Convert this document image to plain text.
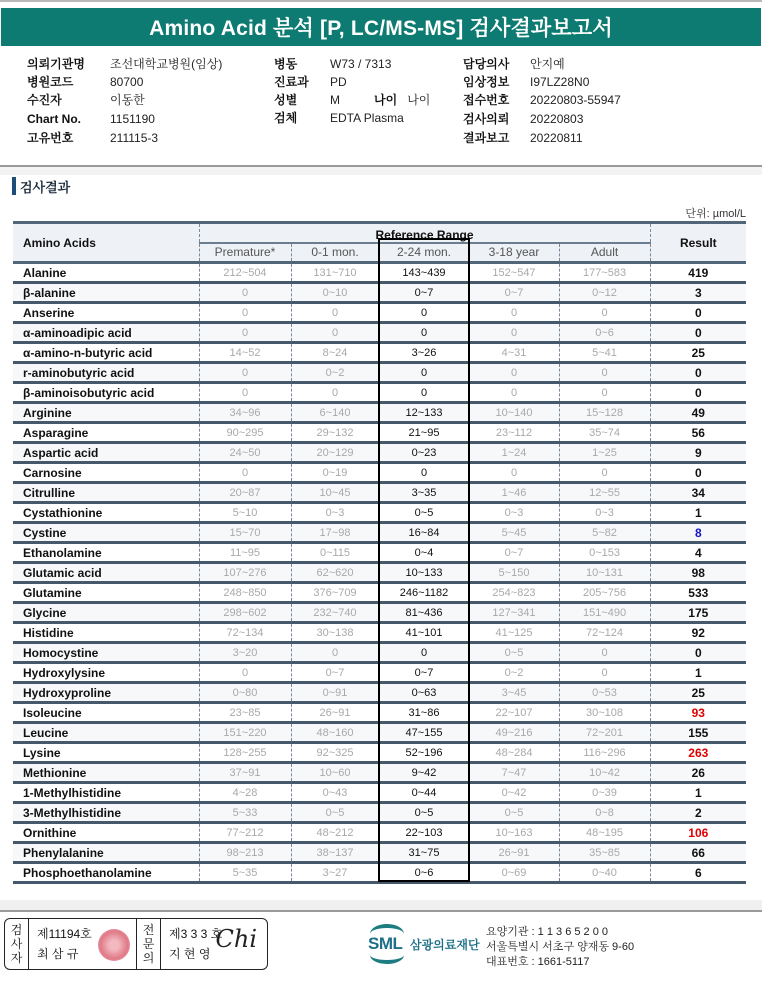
Amino Acid 분석 [P, LC/MS-MS] 검사결과보고서
의뢰기관명	조선대학교병원(임상)
병원코드	80700
수진자	이동한
Chart No.	1151190
고유번호	211115-3
병동	W73 / 7313
진료과	PD
성별	M	나이 나이
검체	EDTA Plasma
담당의사	안지예
임상정보	I97LZ28N0
접수번호	20220803-55947
검사의뢰	20220803
결과보고	20220811
검사결과
단위: µmol/L
Amino Acids	Reference Range					Result
	Premature*	0-1 mon.	2-24 mon.	3-18 year	Adult	
Alanine	212~504	131~710	143~439	152~547	177~583	419
β-alanine	0	0~10	0~7	0~7	0~12	3
Anserine	0	0	0	0	0	0
α-aminoadipic acid	0	0	0	0	0~6	0
α-amino-n-butyric acid	14~52	8~24	3~26	4~31	5~41	25
r-aminobutyric acid	0	0~2	0	0	0	0
β-aminoisobutyric acid	0	0	0	0	0	0
Arginine	34~96	6~140	12~133	10~140	15~128	49
Asparagine	90~295	29~132	21~95	23~112	35~74	56
Aspartic acid	24~50	20~129	0~23	1~24	1~25	9
Carnosine	0	0~19	0	0	0	0
Citrulline	20~87	10~45	3~35	1~46	12~55	34
Cystathionine	5~10	0~3	0~5	0~3	0~3	1
Cystine	15~70	17~98	16~84	5~45	5~82	8
Ethanolamine	11~95	0~115	0~4	0~7	0~153	4
Glutamic acid	107~276	62~620	10~133	5~150	10~131	98
Glutamine	248~850	376~709	246~1182	254~823	205~756	533
Glycine	298~602	232~740	81~436	127~341	151~490	175
Histidine	72~134	30~138	41~101	41~125	72~124	92
Homocystine	3~20	0	0	0~5	0	0
Hydroxylysine	0	0~7	0~7	0~2	0	1
Hydroxyproline	0~80	0~91	0~63	3~45	0~53	25
Isoleucine	23~85	26~91	31~86	22~107	30~108	93
Leucine	151~220	48~160	47~155	49~216	72~201	155
Lysine	128~255	92~325	52~196	48~284	116~296	263
Methionine	37~91	10~60	9~42	7~47	10~42	26
1-Methylhistidine	4~28	0~43	0~44	0~42	0~39	1
3-Methylhistidine	5~33	0~5	0~5	0~5	0~8	2
Ornithine	77~212	48~212	22~103	10~163	48~195	106
Phenylalanine	98~213	38~137	31~75	26~91	35~85	66
Phosphoethanolamine	5~35	3~27	0~6	0~69	0~40	6
검
사
자
제11194호
최 삼 규
전
문
의
제3 3 3 호
지 현 영
Chi	SML 삼광의료재단
요양기관 : 1 1 3 6 5 2 0 0
서울특별시 서초구 양재동 9-60
대표번호 : 1661-5117
